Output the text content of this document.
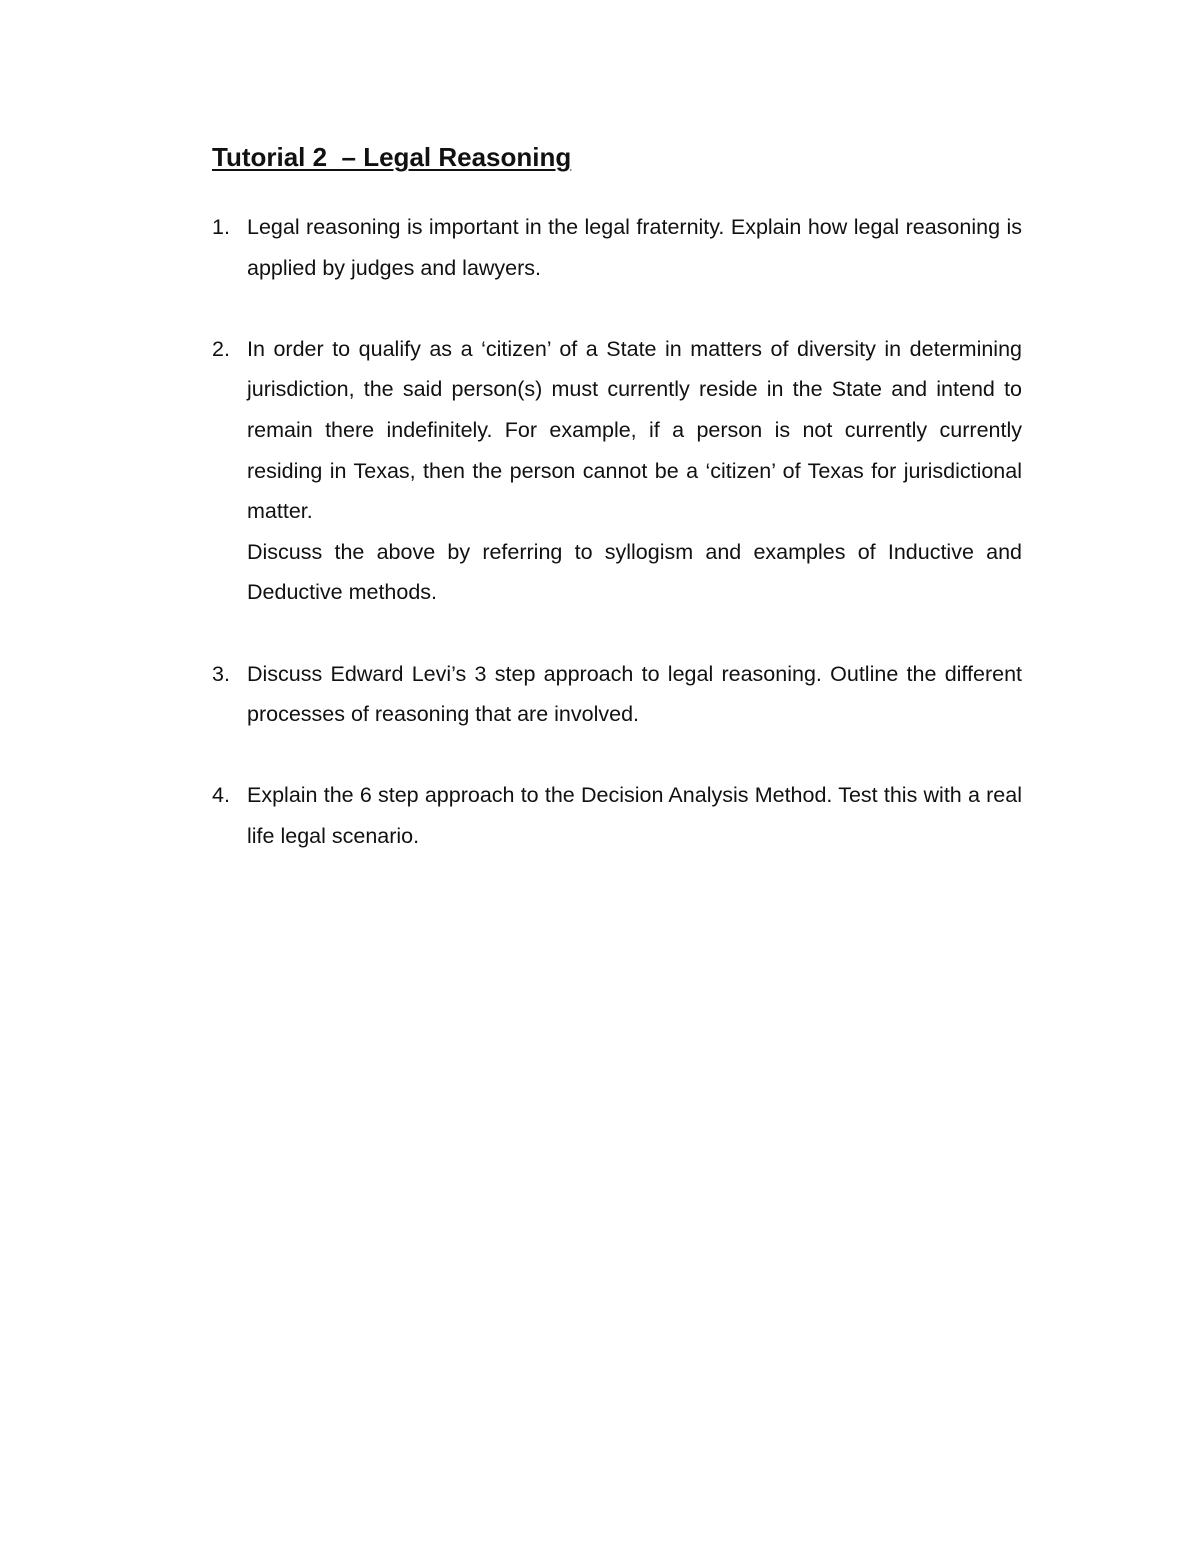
Tutorial 2  – Legal Reasoning
1. Legal reasoning is important in the legal fraternity. Explain how legal reasoning is applied by judges and lawyers.

2. In order to qualify as a ‘citizen’ of a State in matters of diversity in determining jurisdiction, the said person(s) must currently reside in the State and intend to remain there indefinitely. For example, if a person is not currently currently residing in Texas, then the person cannot be a ‘citizen’ of Texas for jurisdictional matter.

Discuss the above by referring to syllogism and examples of Inductive and Deductive methods.

3. Discuss Edward Levi’s 3 step approach to legal reasoning. Outline the different processes of reasoning that are involved.

4. Explain the 6 step approach to the Decision Analysis Method. Test this with a real life legal scenario.
